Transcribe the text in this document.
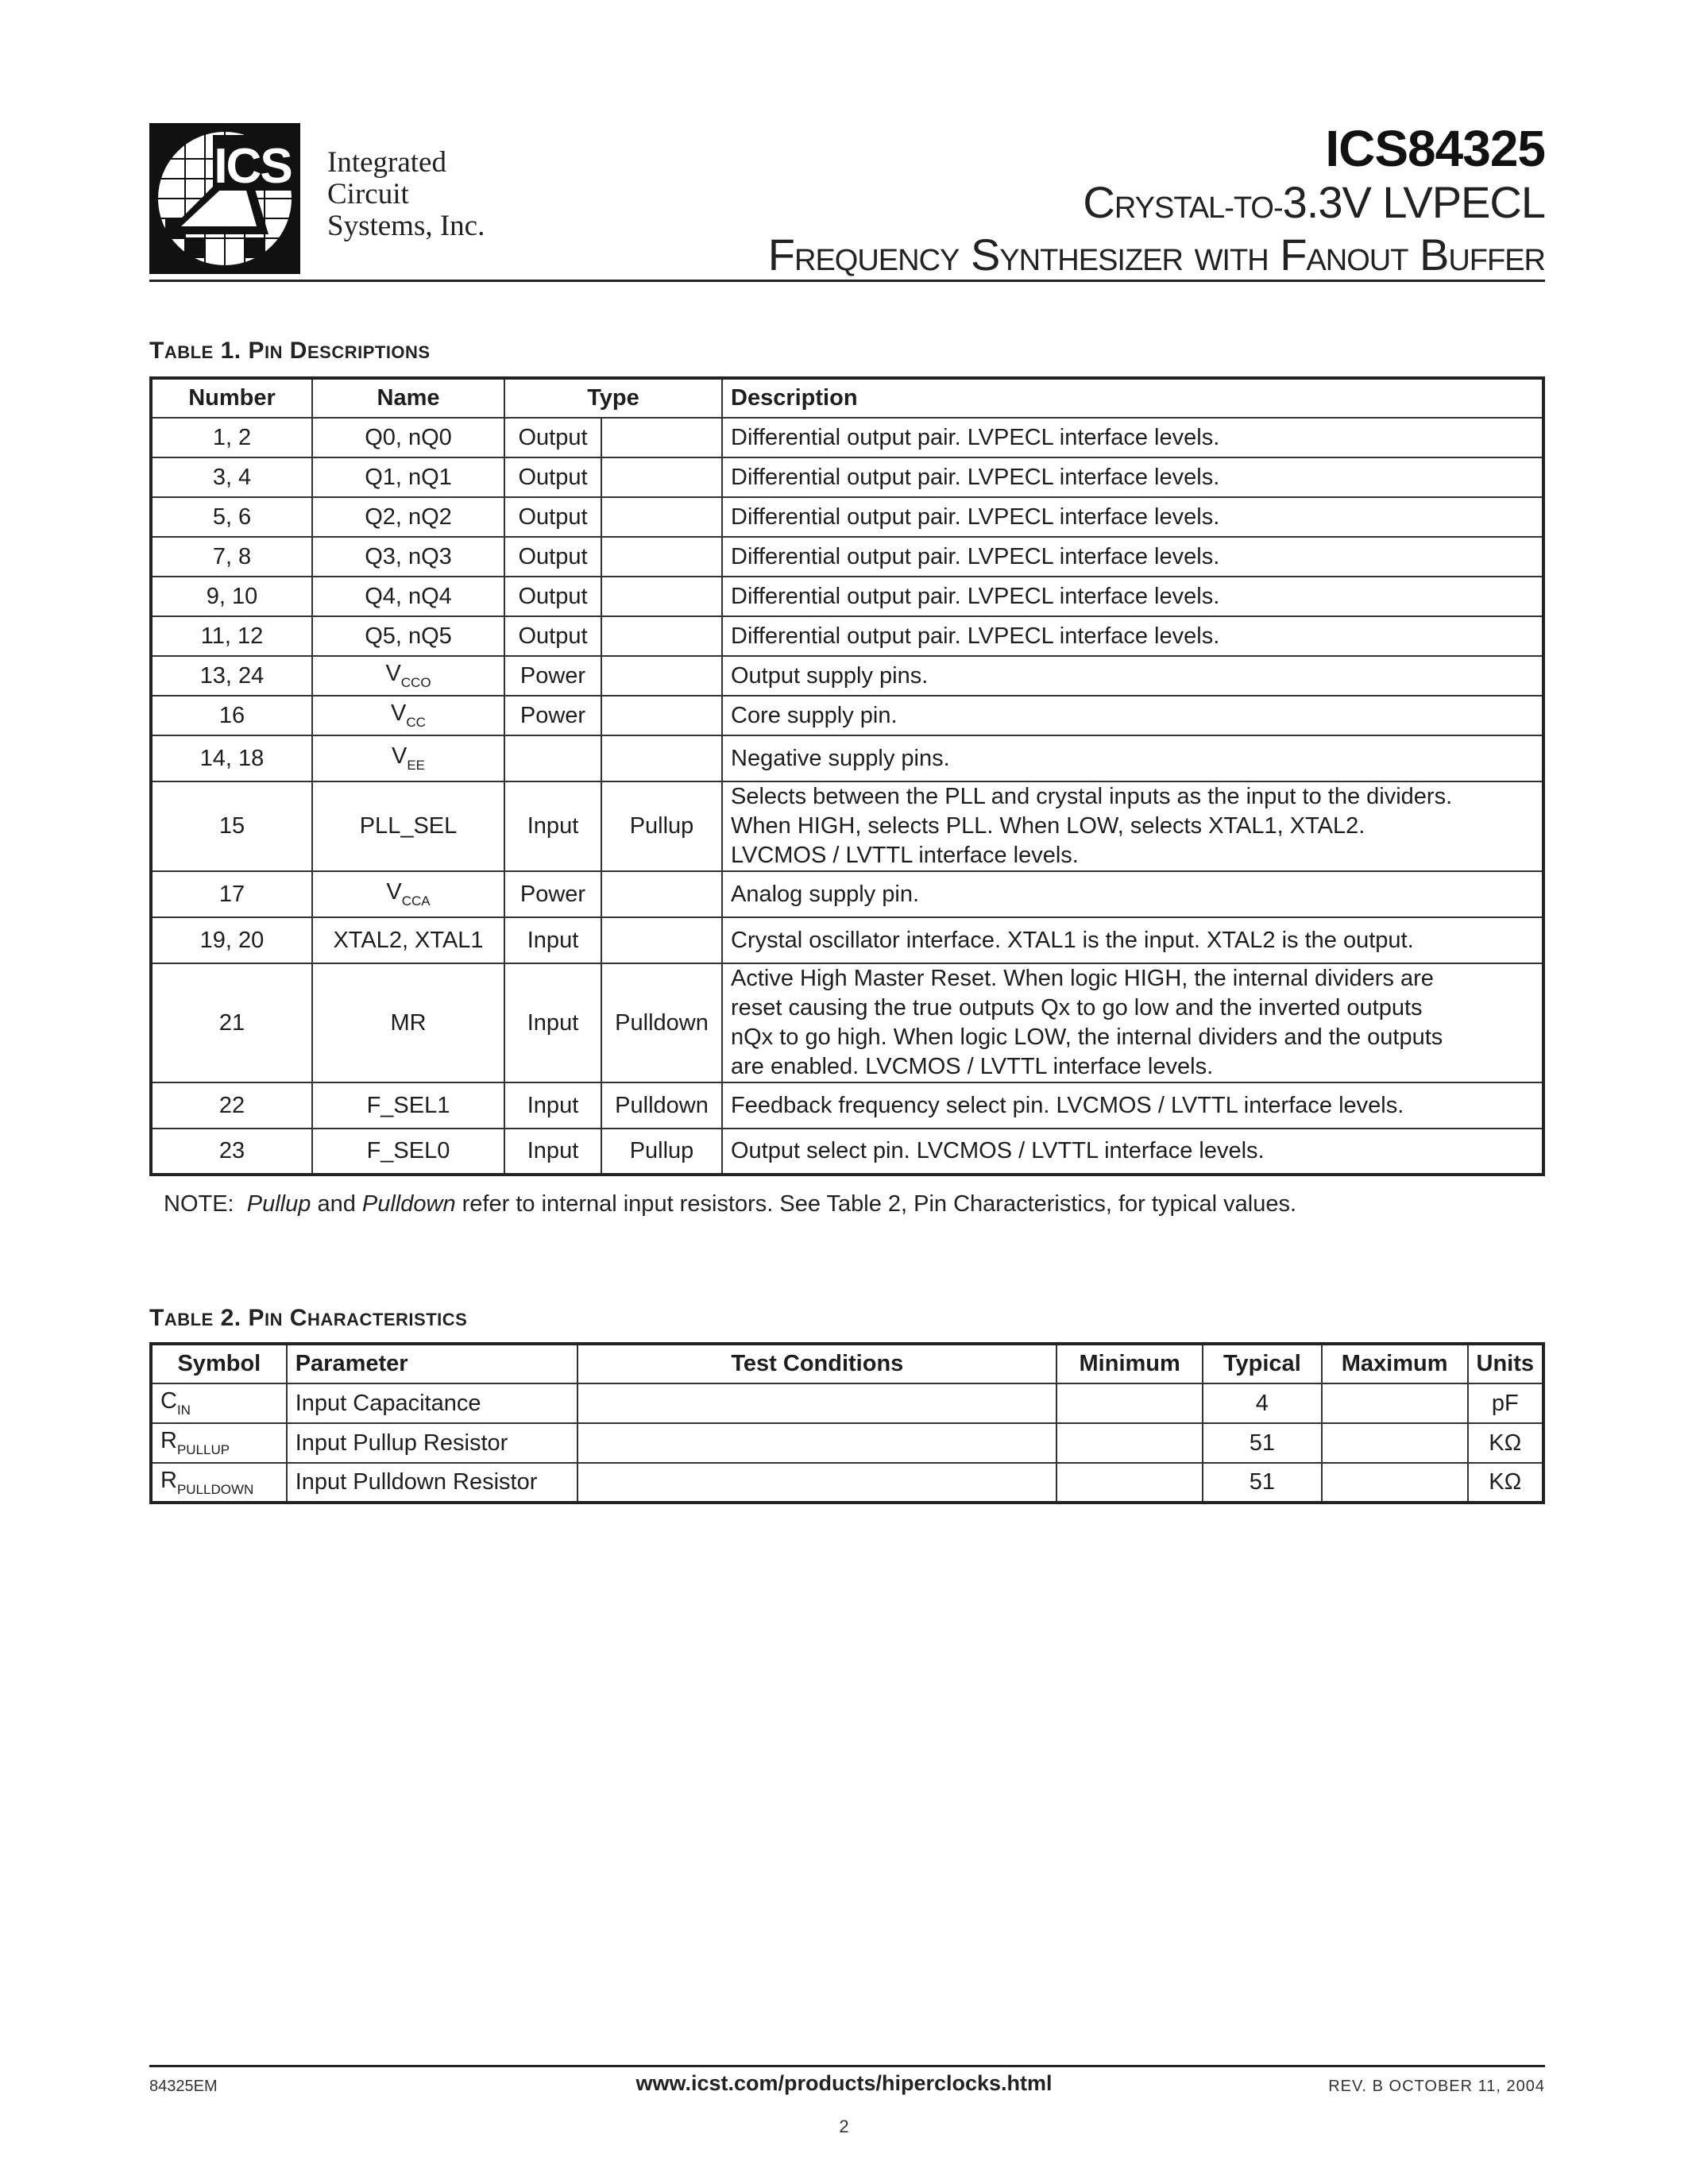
ICS Integrated
Circuit
Systems, Inc.
ICS84325
CRYSTAL-TO-3.3V LVPECL
FREQUENCY SYNTHESIZER WITH FANOUT BUFFER
TABLE 1. PIN DESCRIPTIONS
Number	Name	Type		Description
1, 2	Q0, nQ0	Output		Differential output pair. LVPECL interface levels.
3, 4	Q1, nQ1	Output		Differential output pair. LVPECL interface levels.
5, 6	Q2, nQ2	Output		Differential output pair. LVPECL interface levels.
7, 8	Q3, nQ3	Output		Differential output pair. LVPECL interface levels.
9, 10	Q4, nQ4	Output		Differential output pair. LVPECL interface levels.
11, 12	Q5, nQ5	Output		Differential output pair. LVPECL interface levels.
13, 24	$V_{CCO}$	Power		Output supply pins.
16	$V_{CC}$	Power		Core supply pin.
14, 18	$V_{EE}$			Negative supply pins.
15	PLL_SEL	Input	Pullup	Selects between the PLL and crystal inputs as the input to the dividers.
When HIGH, selects PLL. When LOW, selects XTAL1, XTAL2.
LVCMOS / LVTTL interface levels.

17	$V_{CCA}$	Power		Analog supply pin.
19, 20	XTAL2, XTAL1	Input		Crystal oscillator interface. XTAL1 is the input. XTAL2 is the output.
21	MR	Input	Pulldown	Active High Master Reset. When logic HIGH, the internal dividers are
reset causing the true outputs Qx to go low and the inverted outputs
nQx to go high. When logic LOW, the internal dividers and the outputs
are enabled. LVCMOS / LVTTL interface levels.

22	F_SEL1	Input	Pulldown	Feedback frequency select pin. LVCMOS / LVTTL interface levels.
23	F_SEL0	Input	Pullup	Output select pin. LVCMOS / LVTTL interface levels.
NOTE: Pullup and Pulldown refer to internal input resistors. See Table 2, Pin Characteristics, for typical values.
TABLE 2. PIN CHARACTERISTICS
Symbol	Parameter	Test Conditions	Minimum	Typical	Maximum	Units
$C_{IN}$	Input Capacitance			4		pF
$R_{PULLUP}$	Input Pullup Resistor			51		KΩ
$R_{PULLDOWN}$	Input Pulldown Resistor			51		KΩ
84325EM	www.icst.com/products/hiperclocks.html	REV. B OCTOBER 11, 2004
2
